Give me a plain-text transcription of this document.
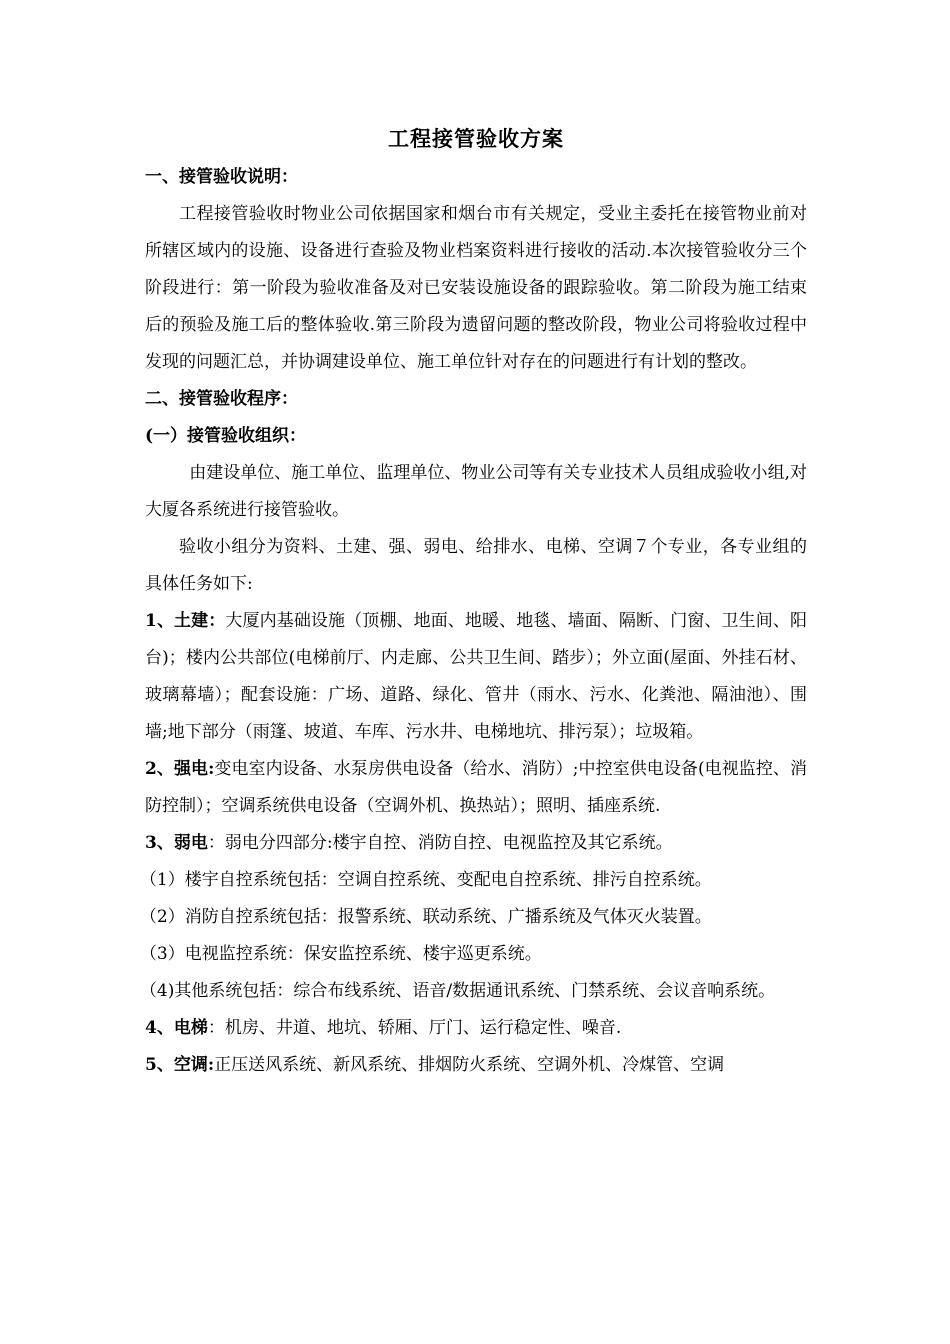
工程接管验收方案

一、接管验收说明：

工程接管验收时物业公司依据国家和烟台市有关规定，受业主委托在接管物业前对所辖区域内的设施、设备进行查验及物业档案资料进行接收的活动.本次接管验收分三个阶段进行：第一阶段为验收准备及对已安装设施设备的跟踪验收。第二阶段为施工结束后的预验及施工后的整体验收.第三阶段为遗留问题的整改阶段，物业公司将验收过程中发现的问题汇总，并协调建设单位、施工单位针对存在的问题进行有计划的整改。

二、接管验收程序：

(一）接管验收组织：

由建设单位、施工单位、监理单位、物业公司等有关专业技术人员组成验收小组,对大厦各系统进行接管验收。

验收小组分为资料、土建、强、弱电、给排水、电梯、空调７个专业，各专业组的具体任务如下:

1、土建：大厦内基础设施（顶棚、地面、地暖、地毯、墙面、隔断、门窗、卫生间、阳台)；楼内公共部位(电梯前厅、内走廊、公共卫生间、踏步）；外立面(屋面、外挂石材、玻璃幕墙）；配套设施：广场、道路、绿化、管井（雨水、污水、化粪池、隔油池）、围墙;地下部分（雨篷、坡道、车库、污水井、电梯地坑、排污泵）；垃圾箱。

2、强电:变电室内设备、水泵房供电设备（给水、消防）;中控室供电设备(电视监控、消防控制）；空调系统供电设备（空调外机、换热站）；照明、插座系统.

3、弱电：弱电分四部分:楼宇自控、消防自控、电视监控及其它系统。

（1）楼宇自控系统包括：空调自控系统、变配电自控系统、排污自控系统。

（2）消防自控系统包括：报警系统、联动系统、广播系统及气体灭火装置。

（3）电视监控系统：保安监控系统、楼宇巡更系统。

（4)其他系统包括：综合布线系统、语音/数据通讯系统、门禁系统、会议音响系统。

4、电梯：机房、井道、地坑、轿厢、厅门、运行稳定性、噪音.

5、空调:正压送风系统、新风系统、排烟防火系统、空调外机、冷煤管、空调
